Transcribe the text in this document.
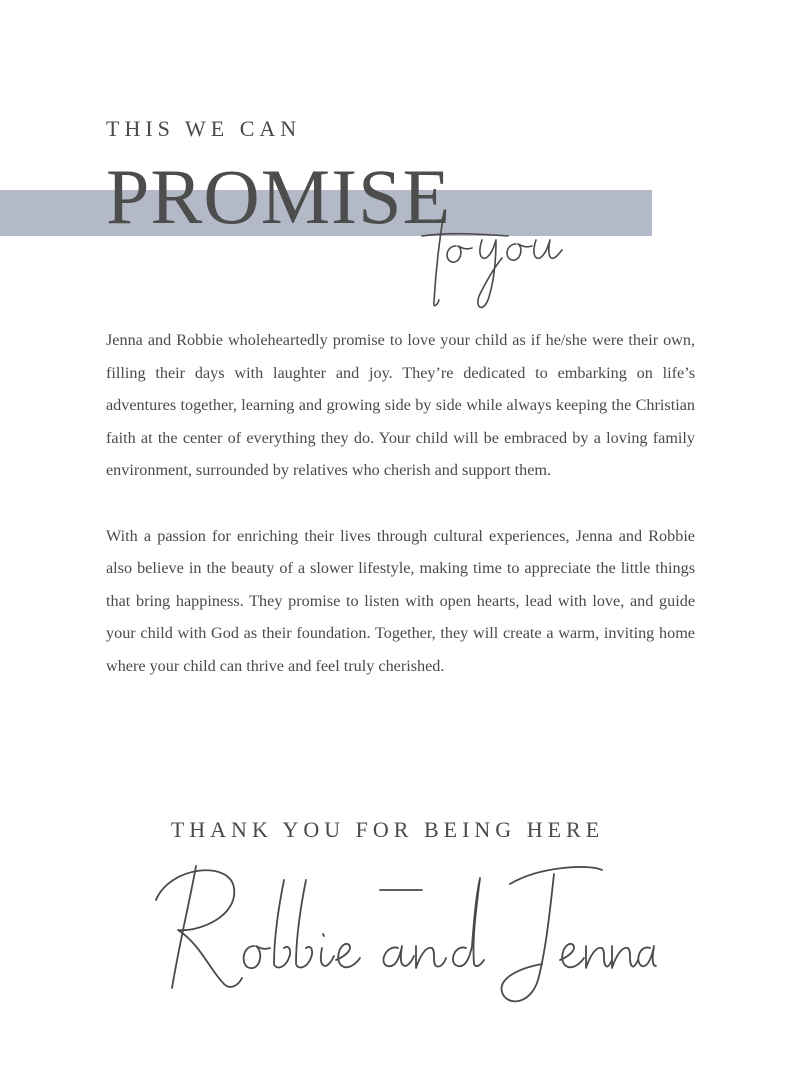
THIS WE CAN
PROMISE

Jenna and Robbie wholeheartedly promise to love your child as if he/she were their own, filling their days with laughter and joy. They’re dedicated to embarking on life’s adventures together, learning and growing side by side while always keeping the Christian faith at the center of everything they do. Your child will be embraced by a loving family environment, surrounded by relatives who cherish and support them.

With a passion for enriching their lives through cultural experiences, Jenna and Robbie also believe in the beauty of a slower lifestyle, making time to appreciate the little things that bring happiness. They promise to listen with open hearts, lead with love, and guide your child with God as their foundation. Together, they will create a warm, inviting home where your child can thrive and feel truly cherished.

THANK YOU FOR BEING HERE
